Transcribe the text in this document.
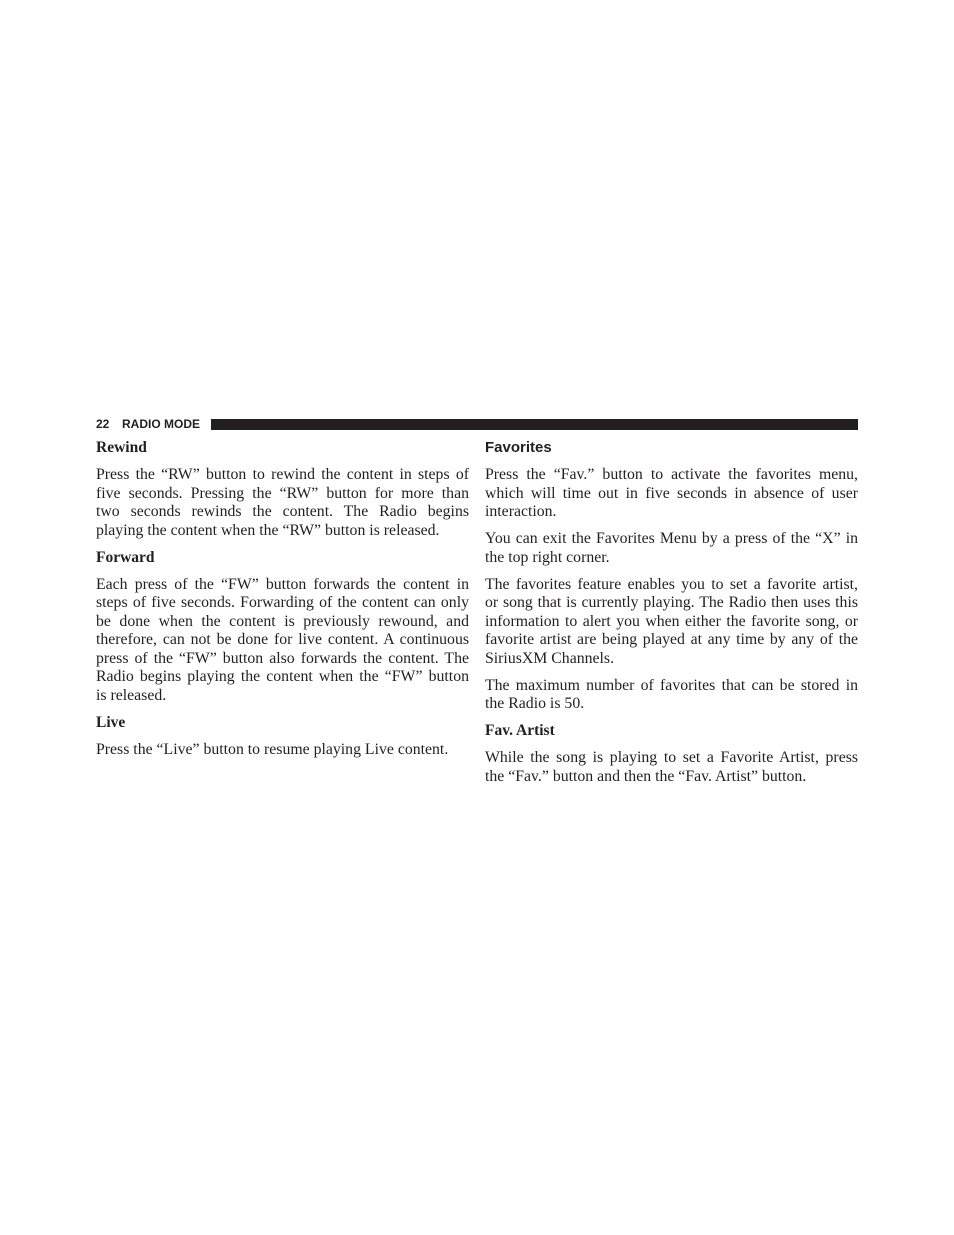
22 RADIO MODE
Rewind
Press the “RW” button to rewind the content in steps of
five seconds. Pressing the “RW” button for more than
two seconds rewinds the content. The Radio begins
playing the content when the “RW” button is released.
Forward
Each press of the “FW” button forwards the content in
steps of five seconds. Forwarding of the content can only
be done when the content is previously rewound, and
therefore, can not be done for live content. A continuous
press of the “FW” button also forwards the content. The
Radio begins playing the content when the “FW” button
is released.
Live
Press the “Live” button to resume playing Live content.
Favorites
Press the “Fav.” button to activate the favorites menu,
which will time out in five seconds in absence of user
interaction.
You can exit the Favorites Menu by a press of the “X” in
the top right corner.
The favorites feature enables you to set a favorite artist,
or song that is currently playing. The Radio then uses this
information to alert you when either the favorite song, or
favorite artist are being played at any time by any of the
SiriusXM Channels.
The maximum number of favorites that can be stored in
the Radio is 50.
Fav. Artist
While the song is playing to set a Favorite Artist, press
the “Fav.” button and then the “Fav. Artist” button.
